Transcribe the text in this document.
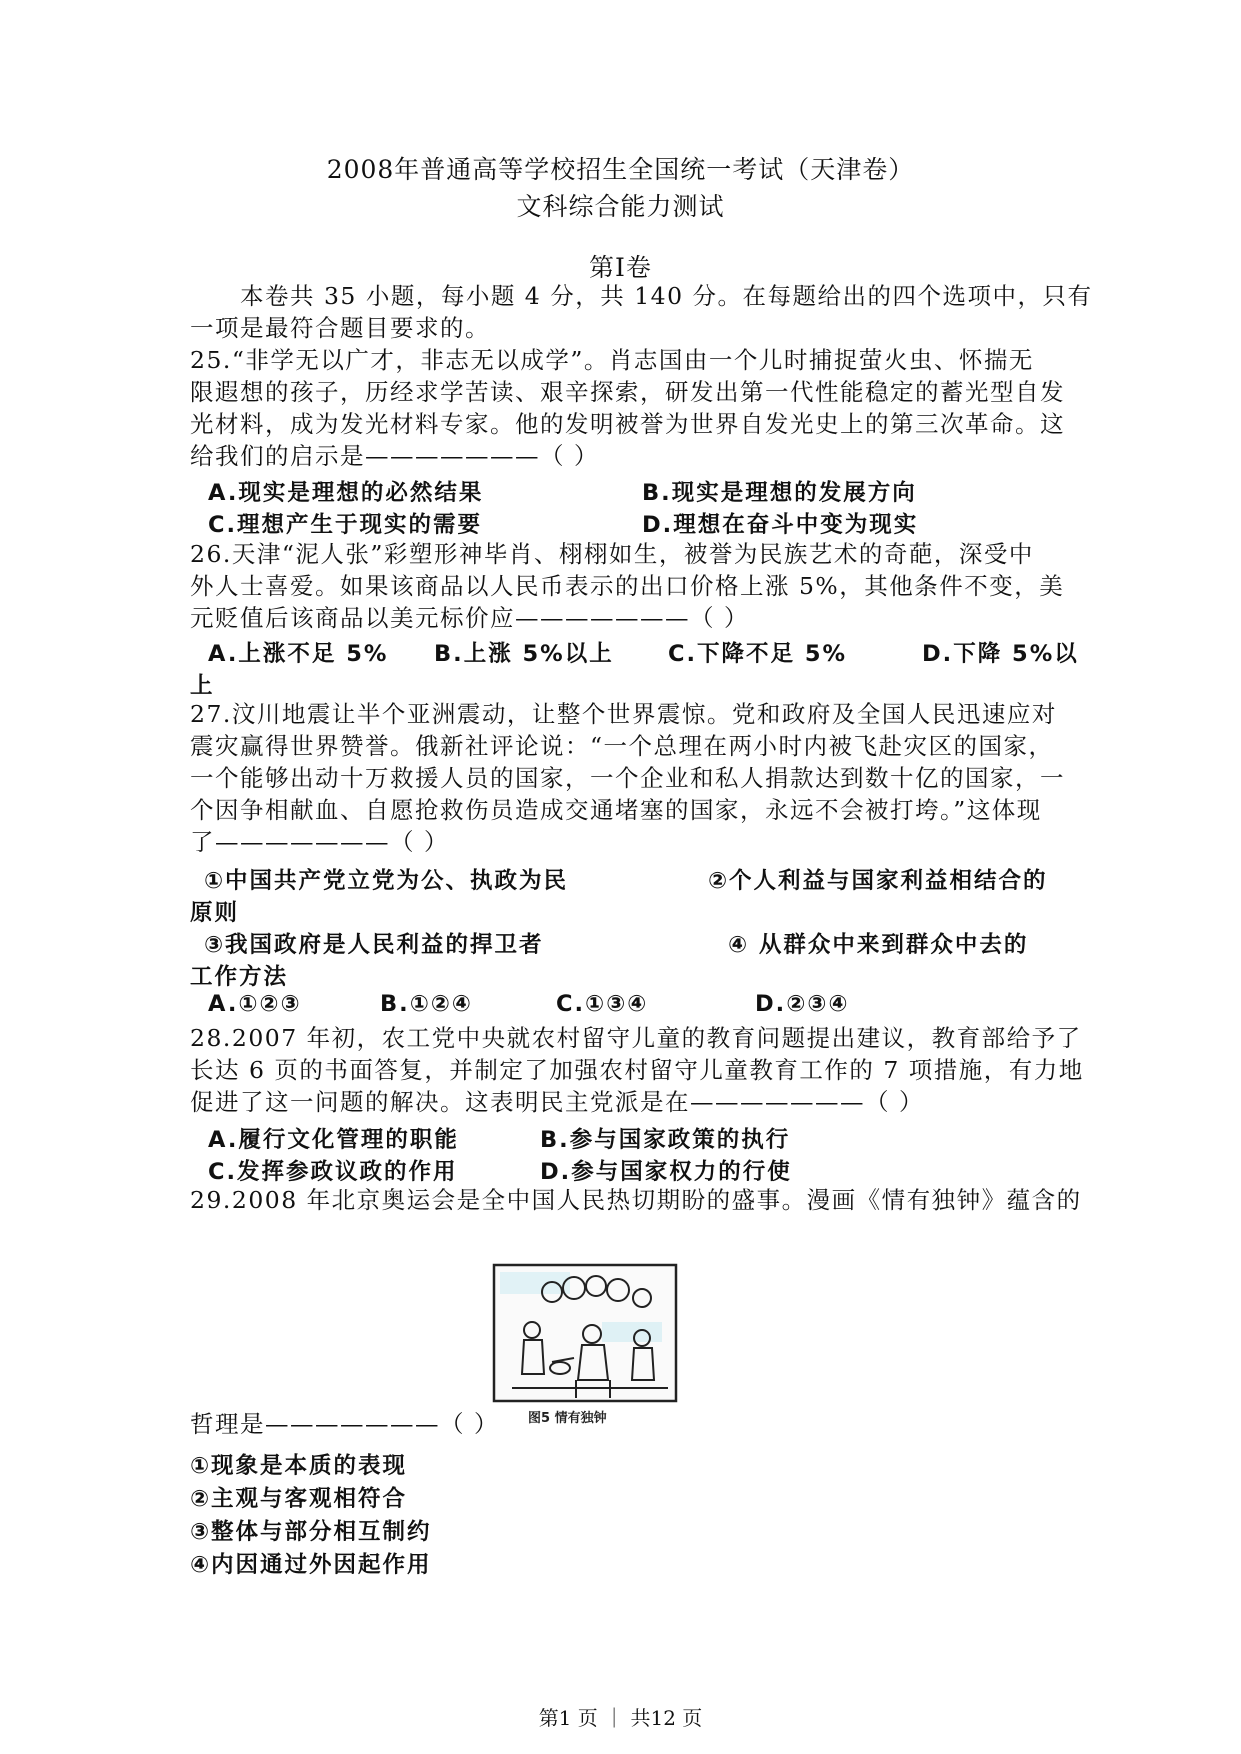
2008年普通高等学校招生全国统一考试（天津卷）
文科综合能力测试
第Ⅰ卷
　　本卷共 35 小题，每小题 4 分，共 140 分。在每题给出的四个选项中，只有
一项是最符合题目要求的。
25.“非学无以广才，非志无以成学”。肖志国由一个儿时捕捉萤火虫、怀揣无
限遐想的孩子，历经求学苦读、艰辛探索，研发出第一代性能稳定的蓄光型自发
光材料，成为发光材料专家。他的发明被誉为世界自发光史上的第三次革命。这
给我们的启示是———————（ ）
A.现实是理想的必然结果	B.现实是理想的发展方向
C.理想产生于现实的需要	D.理想在奋斗中变为现实
26.天津“泥人张”彩塑形神毕肖、栩栩如生，被誉为民族艺术的奇葩，深受中
外人士喜爱。如果该商品以人民币表示的出口价格上涨 5%，其他条件不变，美
元贬值后该商品以美元标价应———————（ ）
A.上涨不足 5% B.上涨 5%以上 C.下降不足 5%	D.下降 5%以
上
27.汶川地震让半个亚洲震动，让整个世界震惊。党和政府及全国人民迅速应对
震灾赢得世界赞誉。俄新社评论说：“一个总理在两小时内被飞赴灾区的国家，
一个能够出动十万救援人员的国家，一个企业和私人捐款达到数十亿的国家，一
个因争相献血、自愿抢救伤员造成交通堵塞的国家，永远不会被打垮。”这体现
了———————（ ）
①中国共产党立党为公、执政为民	②个人利益与国家利益相结合的
原则
③我国政府是人民利益的捍卫者	④ 从群众中来到群众中去的
工作方法
A.①②③	B.①②④	C.①③④	D.②③④
28.2007 年初，农工党中央就农村留守儿童的教育问题提出建议，教育部给予了
长达 6 页的书面答复，并制定了加强农村留守儿童教育工作的 7 项措施，有力地
促进了这一问题的解决。这表明民主党派是在———————（ ）
A.履行文化管理的职能	B.参与国家政策的执行
C.发挥参政议政的作用	D.参与国家权力的行使
29.2008 年北京奥运会是全中国人民热切期盼的盛事。漫画《情有独钟》蕴含的
图5 情有独钟
哲理是———————（ ）
①现象是本质的表现
②主观与客观相符合
③整体与部分相互制约
④内因通过外因起作用
第1 页 ｜ 共12 页
